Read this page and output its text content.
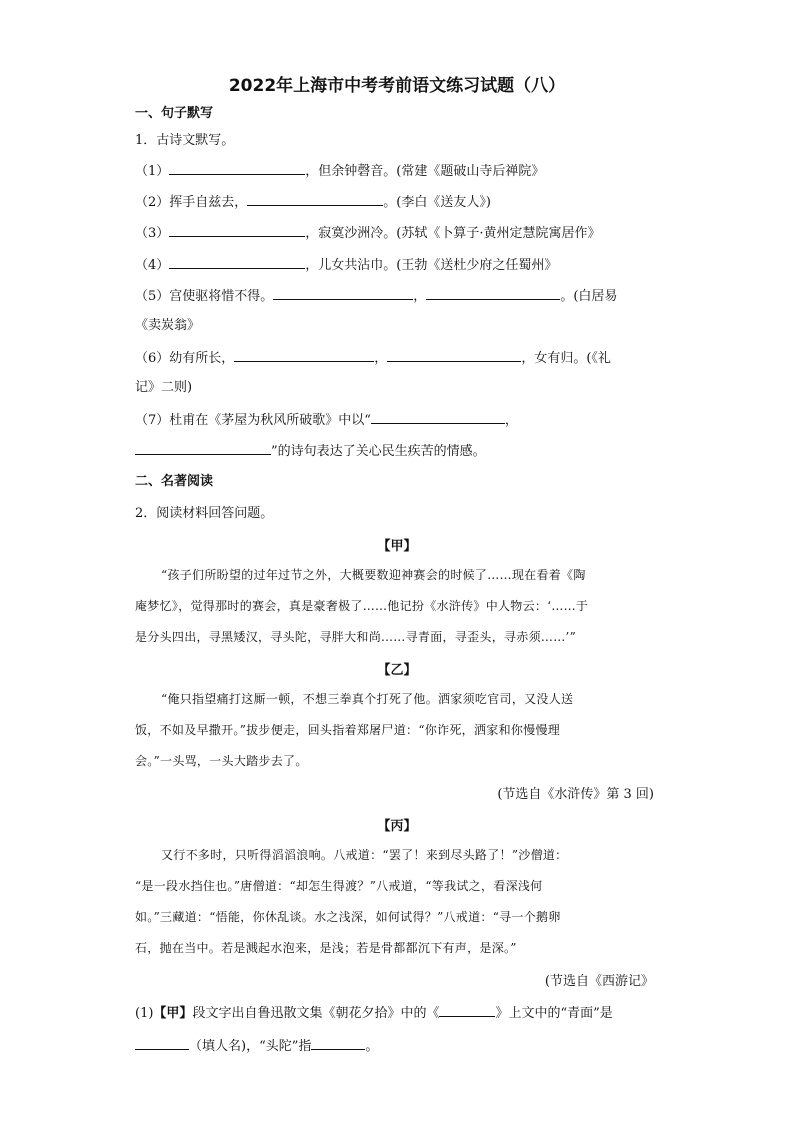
2022年上海市中考考前语文练习试题（八）
一、句子默写
1．古诗文默写。
（1）	，但余钟磬音。(常建《题破山寺后禅院》
（2）挥手自兹去，	。(李白《送友人》)
（3）	，寂寞沙洲冷。(苏轼《卜算子·黄州定慧院寓居作》
（4）	，儿女共沾巾。(王勃《送杜少府之任蜀州》
（5）宫使驱将惜不得。	，	。(白居易
《卖炭翁》
（6）幼有所长，	，	，女有归。(《礼
记》二则)
（7）杜甫在《茅屋为秋风所破歌》中以“	，
”的诗句表达了关心民生疾苦的情感。
二、名著阅读
2．阅读材料回答问题。
【甲】
“孩子们所盼望的过年过节之外，大概要数迎神赛会的时候了……现在看着《陶
庵梦忆》，觉得那时的赛会，真是豪奢极了……他记扮《水浒传》中人物云：‘……于
是分头四出，寻黑矮汉，寻头陀，寻胖大和尚……寻青面，寻歪头，寻赤须……’”
【乙】
“俺只指望痛打这厮一顿，不想三拳真个打死了他。洒家须吃官司，又没人送
饭，不如及早撒开。”拔步便走，回头指着郑屠尸道：“你诈死，洒家和你慢慢理
会。”一头骂，一头大踏步去了。
(节选自《水浒传》第 3 回)
【丙】
又行不多时，只听得滔滔浪响。八戒道：“罢了！来到尽头路了！”沙僧道：
“是一段水挡住也。”唐僧道：“却怎生得渡？”八戒道，“等我试之，看深浅何
如。”三藏道：“悟能，你休乱谈。水之浅深，如何试得？”八戒道：“寻一个鹅卵
石，抛在当中。若是溅起水泡来，是浅；若是骨都都沉下有声，是深。”
(节选自《西游记》
(1)【甲】段文字出自鲁迅散文集《朝花夕拾》中的《	》上文中的“青面”是
（填人名)，“头陀”指	。
